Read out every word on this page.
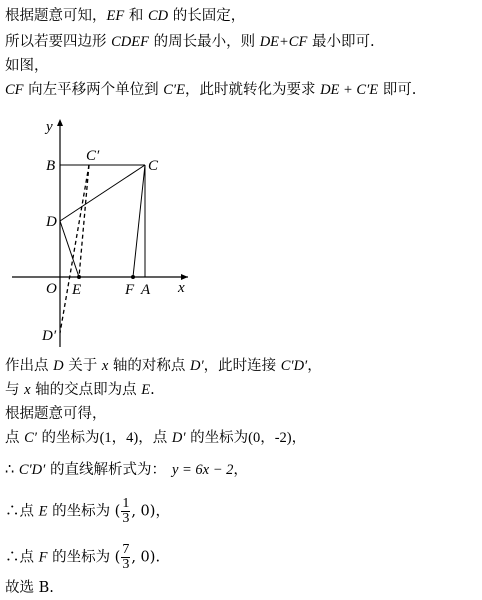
根据题意可知，EF 和 CD 的长固定，
所以若要四边形 CDEF 的周长最小，则 DE+CF 最小即可.
如图，
CF 向左平移两个单位到 C′E，此时就转化为要求 DE + C′E 即可.
y
x
O
B	C
C′
D
D′
E	F A
作出点 D 关于 x 轴的对称点 D′，此时连接 C′D′，
与 x 轴的交点即为点 E.
根据题意可得，
点 C′ 的坐标为(1，4)，点 D′ 的坐标为(0，-2)，
∴ C′D′ 的直线解析式为： y = 6x − 2，
∴点 E 的坐标为 ( $\frac{1}{3}$ , 0)，
∴点 F 的坐标为 ( $\frac{7}{3}$ , 0).
故选 B.
